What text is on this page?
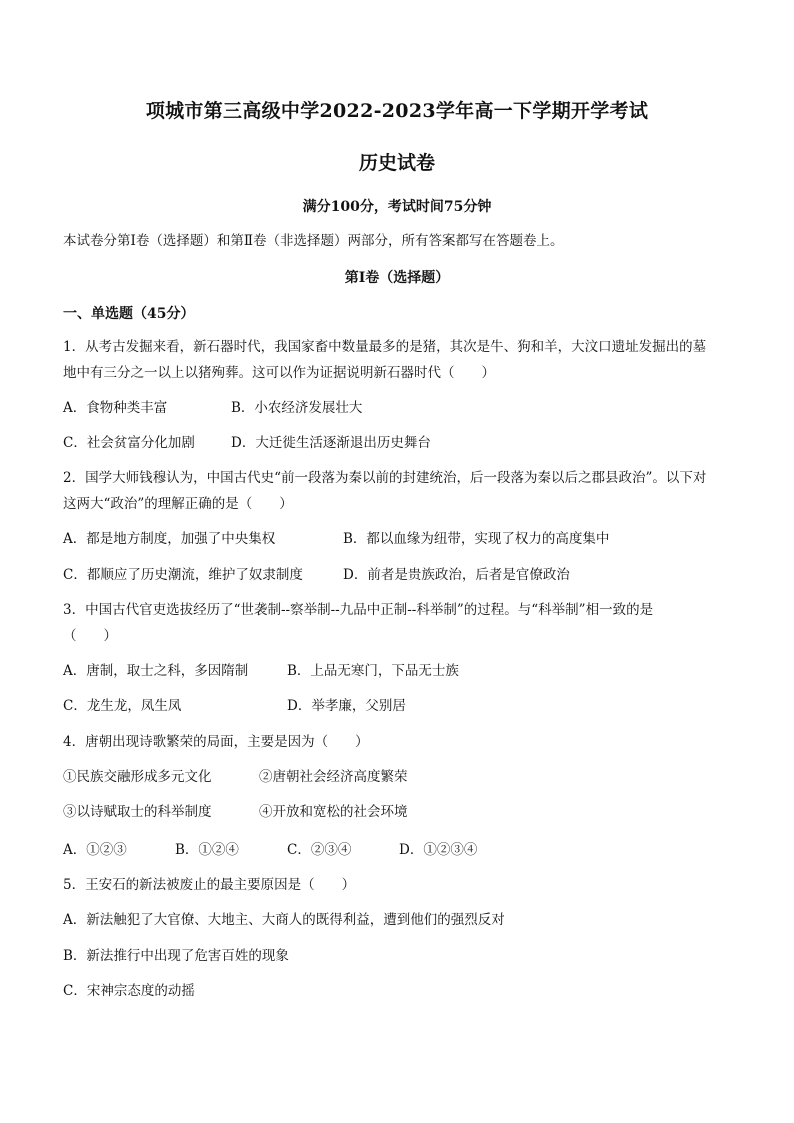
项城市第三高级中学2022-2023学年高一下学期开学考试
历史试卷
满分100分，考试时间75分钟
本试卷分第Ⅰ卷（选择题）和第Ⅱ卷（非选择题）两部分，所有答案都写在答题卷上。
第Ⅰ卷（选择题）
一、单选题（45分）
1．从考古发掘来看，新石器时代，我国家畜中数量最多的是猪，其次是牛、狗和羊，大汶口遗址发掘出的墓
地中有三分之一以上以猪殉葬。这可以作为证据说明新石器时代（　　）
A．食物种类丰富	B．小农经济发展壮大
C．社会贫富分化加剧	D．大迁徙生活逐渐退出历史舞台
2．国学大师钱穆认为，中国古代史“前一段落为秦以前的封建统治，后一段落为秦以后之郡县政治”。以下对
这两大“政治”的理解正确的是（　　）
A．都是地方制度，加强了中央集权	B．都以血缘为纽带，实现了权力的高度集中
C．都顺应了历史潮流，维护了奴隶制度	D．前者是贵族政治，后者是官僚政治
3．中国古代官吏选拔经历了“世袭制--察举制--九品中正制--科举制”的过程。与“科举制”相一致的是
（　　）
A．唐制，取士之科，多因隋制	B．上品无寒门，下品无士族
C．龙生龙，凤生凤	D．举孝廉，父别居
4．唐朝出现诗歌繁荣的局面，主要是因为（　　）
①民族交融形成多元文化	②唐朝社会经济高度繁荣
③以诗赋取士的科举制度	④开放和宽松的社会环境
A．①②③	B．①②④	C．②③④	D．①②③④
5．王安石的新法被废止的最主要原因是（　　）
A．新法触犯了大官僚、大地主、大商人的既得利益，遭到他们的强烈反对
B．新法推行中出现了危害百姓的现象
C．宋神宗态度的动摇
